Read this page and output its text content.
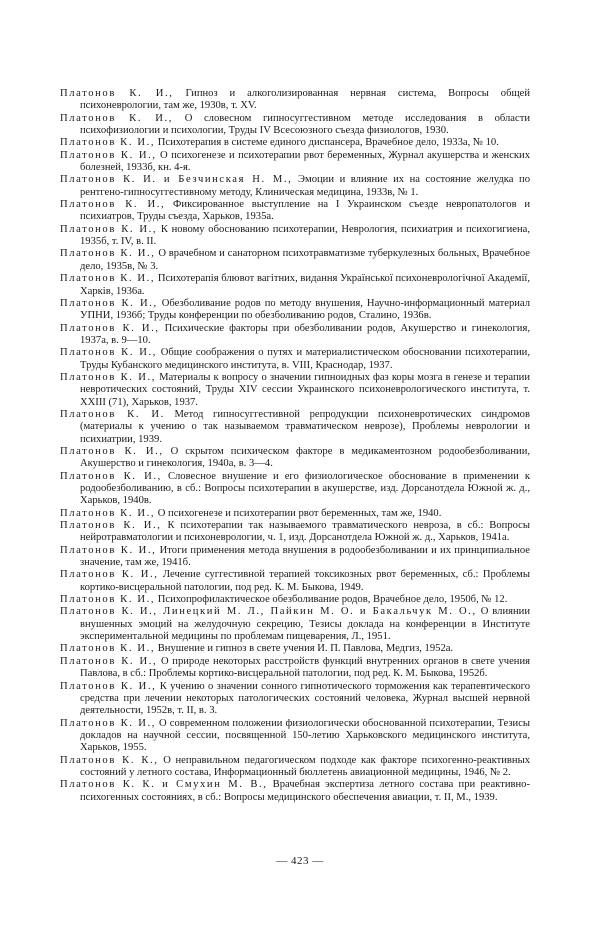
Платонов К. И., Гипноз и алкоголизированная нервная система, Вопросы общей психоневрологии, там же, 1930в, т. XV.

Платонов К. И., О словесном гипносуггестивном методе исследования в области психофизиологии и психологии, Труды IV Всесоюзного съезда физиологов, 1930.

Платонов К. И., Психотерапия в системе единого диспансера, Врачебное дело, 1933а, № 10.

Платонов К. И., О психогенезе и психотерапии рвот беременных, Журнал акушерства и женских болезней, 1933б, кн. 4-я.

Платонов К. И. и Безчинская Н. М., Эмоции и влияние их на состояние желудка по рентгено-гипносуггестивному методу, Клиническая медицина, 1933в, № 1.

Платонов К. И., Фиксированное выступление на I Украинском съезде невропатологов и психиатров, Труды съезда, Харьков, 1935а.

Платонов К. И., К новому обоснованию психотерапии, Неврология, психиатрия и психогигиена, 1935б, т. IV, в. II.

Платонов К. И., О врачебном и санаторном психотравматизме туберкулезных больных, Врачебное дело, 1935в, № 3.

Платонов К. И., Психотерапія блювот вагітних, видання Української психоневрологічної Академії, Харків, 1936а.

Платонов К. И., Обезболивание родов по методу внушения, Научно-информационный материал УПНИ, 1936б; Труды конференции по обезболиванию родов, Сталино, 1936в.

Платонов К. И., Психические факторы при обезболивании родов, Акушерство и гинекология, 1937а, в. 9—10.

Платонов К. И., Общие соображения о путях и материалистическом обосновании психотерапии, Труды Кубанского медицинского института, в. VIII, Краснодар, 1937.

Платонов К. И., Материалы к вопросу о значении гипноидных фаз коры мозга в генезе и терапии невротических состояний, Труды XIV сессии Украинского психоневрологического института, т. XXIII (71), Харьков, 1937.

Платонов К. И. Метод гипносуггестивной репродукции психоневротических синдромов (материалы к учению о так называемом травматическом неврозе), Проблемы неврологии и психиатрии, 1939.

Платонов К. И., О скрытом психическом факторе в медикаментозном родообезболивании, Акушерство и гинекология, 1940а, в. 3—4.

Платонов К. И., Словесное внушение и его физиологическое обоснование в применении к родообезболиванию, в сб.: Вопросы психотерапии в акушерстве, изд. Дорсанотдела Южной ж. д., Харьков, 1940в.

Платонов К. И., О психогенезе и психотерапии рвот беременных, там же, 1940.

Платонов К. И., К психотерапии так называемого травматического невроза, в сб.: Вопросы нейротравматологии и психоневрологии, ч. 1, изд. Дорсанотдела Южной ж. д., Харьков, 1941а.

Платонов К. И., Итоги применения метода внушения в родообезболивании и их принципиальное значение, там же, 1941б.

Платонов К. И., Лечение суггестивной терапией токсикозных рвот беременных, сб.: Проблемы кортико-висцеральной патологии, под ред. К. М. Быкова, 1949.

Платонов К. И., Психопрофилактическое обезболивание родов, Врачебное дело, 1950б, № 12.

Платонов К. И., Линецкий М. Л., Пайкин М. О. и Бакальчук М. О., О влиянии внушенных эмоций на желудочную секрецию, Тезисы доклада на конференции в Институте экспериментальной медицины по проблемам пищеварения, Л., 1951.

Платонов К. И., Внушение и гипноз в свете учения И. П. Павлова, Медгиз, 1952а.

Платонов К. И., О природе некоторых расстройств функций внутренних органов в свете учения Павлова, в сб.: Проблемы кортико-висцеральной патологии, под ред. К. М. Быкова, 1952б.

Платонов К. И., К учению о значении сонного гипнотического торможения как терапевтического средства при лечении некоторых патологических состояний человека, Журнал высшей нервной деятельности, 1952в, т. II, в. 3.

Платонов К. И., О современном положении физиологически обоснованной психотерапии, Тезисы докладов на научной сессии, посвященной 150-летию Харьковского медицинского института, Харьков, 1955.

Платонов К. К., О неправильном педагогическом подходе как факторе психогенно-реактивных состояний у летного состава, Информационный бюллетень авиационной медицины, 1946, № 2.

Платонов К. К. и Смухин М. В., Врачебная экспертиза летного состава при реактивно-психогенных состояниях, в сб.: Вопросы медицинского обеспечения авиации, т. II, М., 1939.

— 423 —
